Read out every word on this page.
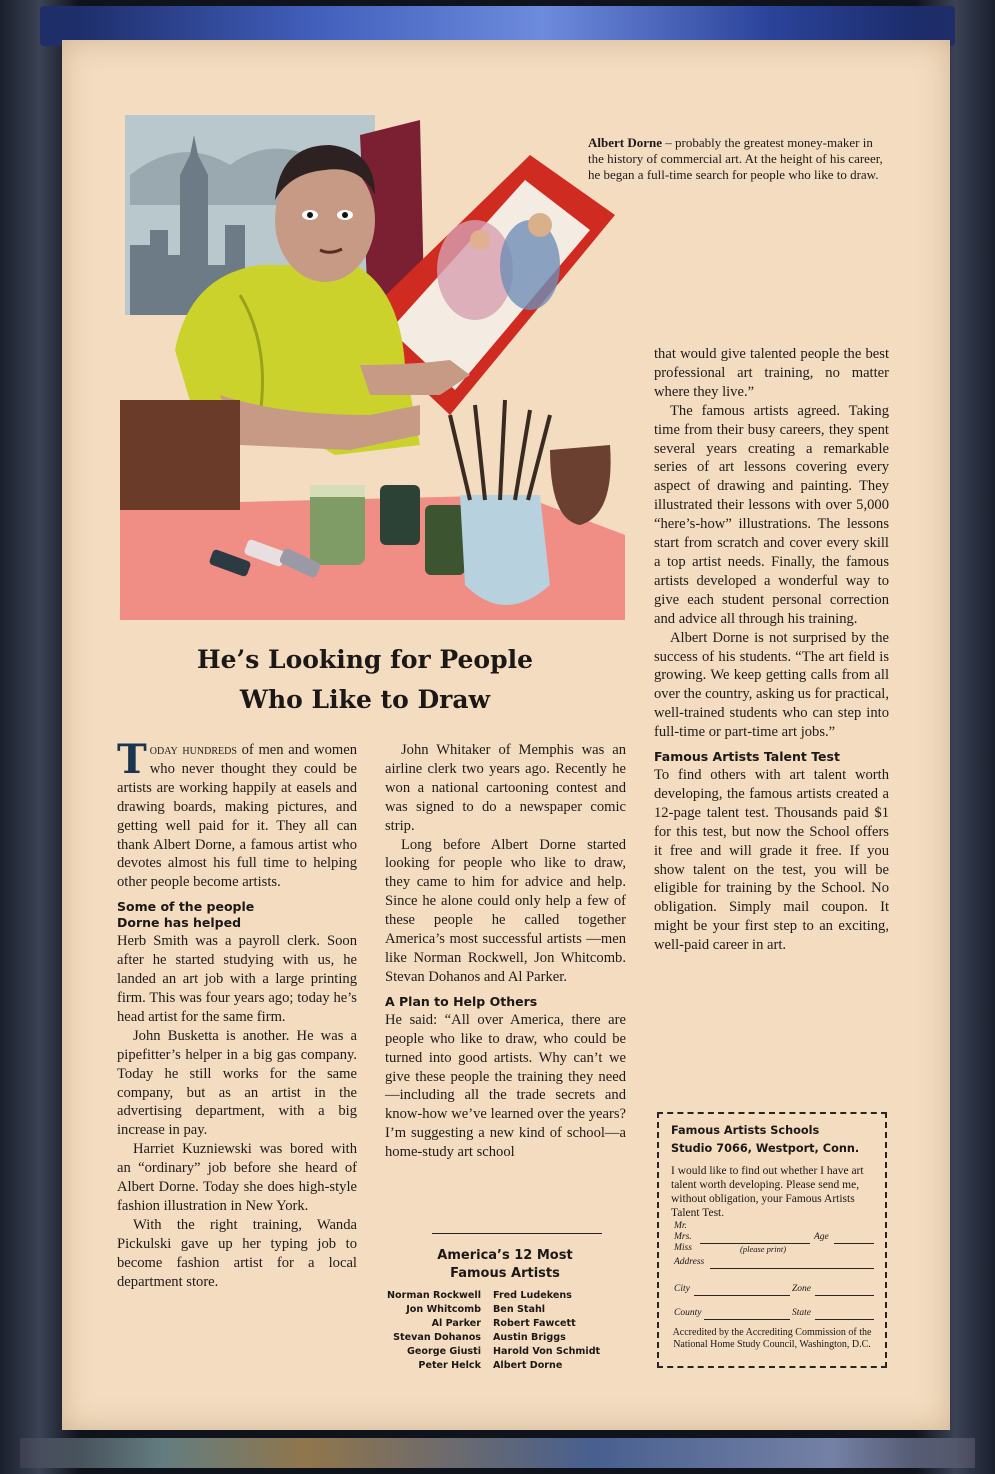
Albert Dorne – probably the greatest money-maker in the history of commercial art. At the height of his career, he began a full-time search for people who like to draw.
He’s Looking for People
Who Like to Draw

Today hundreds of men and women who never thought they could be artists are working happily at easels and drawing boards, making pictures, and getting well paid for it. They all can thank Albert Dorne, a famous artist who devotes almost his full time to helping other people become artists.

Some of the people
Dorne has helped

Herb Smith was a payroll clerk. Soon after he started studying with us, he landed an art job with a large printing firm. This was four years ago; today he’s head artist for the same firm.

John Busketta is another. He was a pipefitter’s helper in a big gas company. Today he still works for the same company, but as an artist in the advertising department, with a big increase in pay.

Harriet Kuzniewski was bored with an “ordinary” job before she heard of Albert Dorne. Today she does high-style fashion illustration in New York.

With the right training, Wanda Pickulski gave up her typing job to become fashion artist for a local department store.

John Whitaker of Memphis was an airline clerk two years ago. Recently he won a national cartooning contest and was signed to do a newspaper comic strip.

Long before Albert Dorne started looking for people who like to draw, they came to him for advice and help. Since he alone could only help a few of these people he called together America’s most successful artists —men like Norman Rockwell, Jon Whitcomb. Stevan Dohanos and Al Parker.

A Plan to Help Others

He said: “All over America, there are people who like to draw, who could be turned into good artists. Why can’t we give these people the training they need—including all the trade secrets and know-how we’ve learned over the years? I’m suggesting a new kind of school—a home-study art school

that would give talented people the best professional art training, no matter where they live.”

The famous artists agreed. Taking time from their busy careers, they spent several years creating a remarkable series of art lessons covering every aspect of drawing and painting. They illustrated their lessons with over 5,000 “here’s-how” illustrations. The lessons start from scratch and cover every skill a top artist needs. Finally, the famous artists developed a wonderful way to give each student personal correction and advice all through his training.

Albert Dorne is not surprised by the success of his students. “The art field is growing. We keep getting calls from all over the country, asking us for practical, well-trained students who can step into full-time or part-time art jobs.”

Famous Artists Talent Test

To find others with art talent worth developing, the famous artists created a 12-page talent test. Thousands paid $1 for this test, but now the School offers it free and will grade it free. If you show talent on the test, you will be eligible for training by the School. No obligation. Simply mail coupon. It might be your first step to an exciting, well-paid career in art.

America’s 12 Most
Famous Artists
Norman Rockwell	Fred Ludekens
Jon Whitcomb	Ben Stahl
Al Parker	Robert Fawcett
Stevan Dohanos	Austin Briggs
George Giusti	Harold Von Schmidt
Peter Helck	Albert Dorne
Famous Artists Schools
Studio 7066, Westport, Conn.
I would like to find out whether I have art talent worth developing. Please send me, without obligation, your Famous Artists Talent Test.
Mr.
Mrs.	Age
Miss	(please print)
Address
City	Zone
County	State
Accredited by the Accrediting Commission of the National Home Study Council, Washington, D.C.
